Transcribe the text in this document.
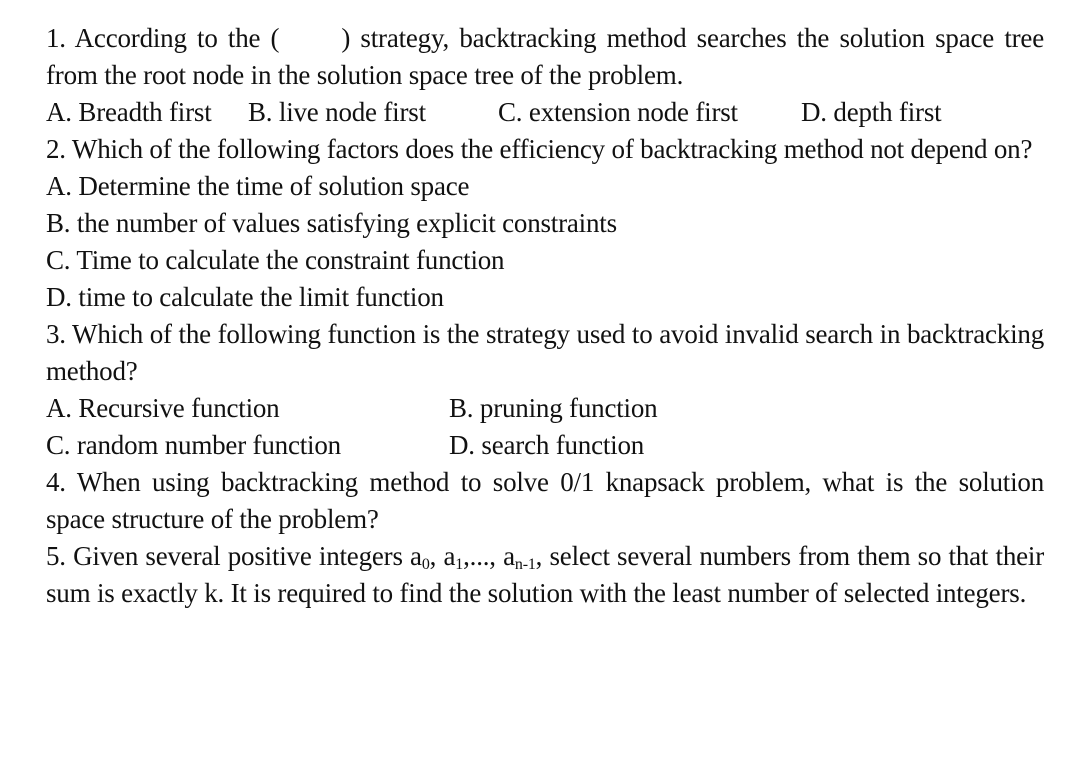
1. According to the ( ) strategy, backtracking method searches the solution space tree from the root node in the solution space tree of the problem.

A. Breadth first B. live node first	C. extension node first D. depth first

2. Which of the following factors does the efficiency of backtracking method not depend on?

A. Determine the time of solution space

B. the number of values satisfying explicit constraints

C. Time to calculate the constraint function

D. time to calculate the limit function

3. Which of the following function is the strategy used to avoid invalid search in backtracking method?

A. Recursive function	B. pruning function
C. random number function	D. search function

4. When using backtracking method to solve 0/1 knapsack problem, what is the solution space structure of the problem?

5. Given several positive integers $a_0$, $a_1$,..., $a_{n-1}$, select several numbers from them so that their sum is exactly k. It is required to find the solution with the least number of selected integers.
